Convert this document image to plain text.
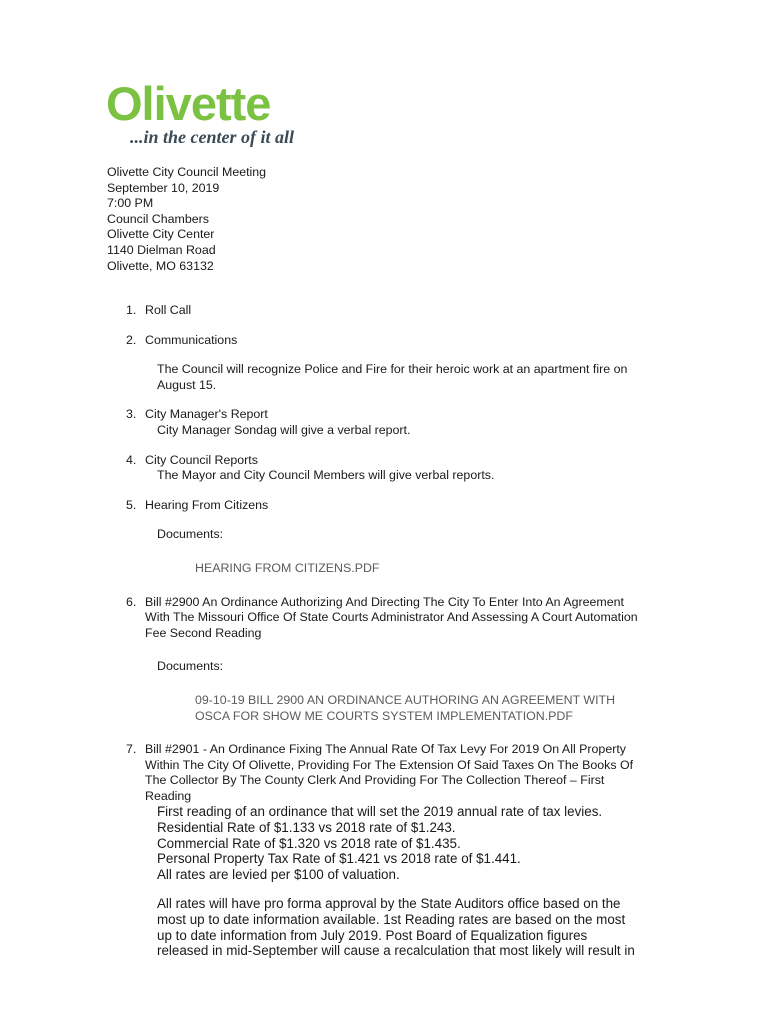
Olivette
...in the center of it all
Olivette City Council Meeting
September 10, 2019
7:00 PM
Council Chambers
Olivette City Center
1140 Dielman Road
Olivette, MO 63132
1. Roll Call
2. Communications
The Council will recognize Police and Fire for their heroic work at an apartment fire on
August 15.
3. City Manager's Report
City Manager Sondag will give a verbal report.
4. City Council Reports
The Mayor and City Council Members will give verbal reports.
5. Hearing From Citizens
Documents:
HEARING FROM CITIZENS.PDF
6. Bill #2900 An Ordinance Authorizing And Directing The City To Enter Into An Agreement
With The Missouri Office Of State Courts Administrator And Assessing A Court Automation
Fee Second Reading
Documents:
09-10-19 BILL 2900 AN ORDINANCE AUTHORING AN AGREEMENT WITH
OSCA FOR SHOW ME COURTS SYSTEM IMPLEMENTATION.PDF
7. Bill #2901 - An Ordinance Fixing The Annual Rate Of Tax Levy For 2019 On All Property
Within The City Of Olivette, Providing For The Extension Of Said Taxes On The Books Of
The Collector By The County Clerk And Providing For The Collection Thereof – First
Reading
First reading of an ordinance that will set the 2019 annual rate of tax levies.
Residential Rate of $1.133 vs 2018 rate of $1.243.
Commercial Rate of $1.320 vs 2018 rate of $1.435.
Personal Property Tax Rate of $1.421 vs 2018 rate of $1.441.
All rates are levied per $100 of valuation.
All rates will have pro forma approval by the State Auditors office based on the
most up to date information available. 1st Reading rates are based on the most
up to date information from July 2019. Post Board of Equalization figures
released in mid-September will cause a recalculation that most likely will result in
